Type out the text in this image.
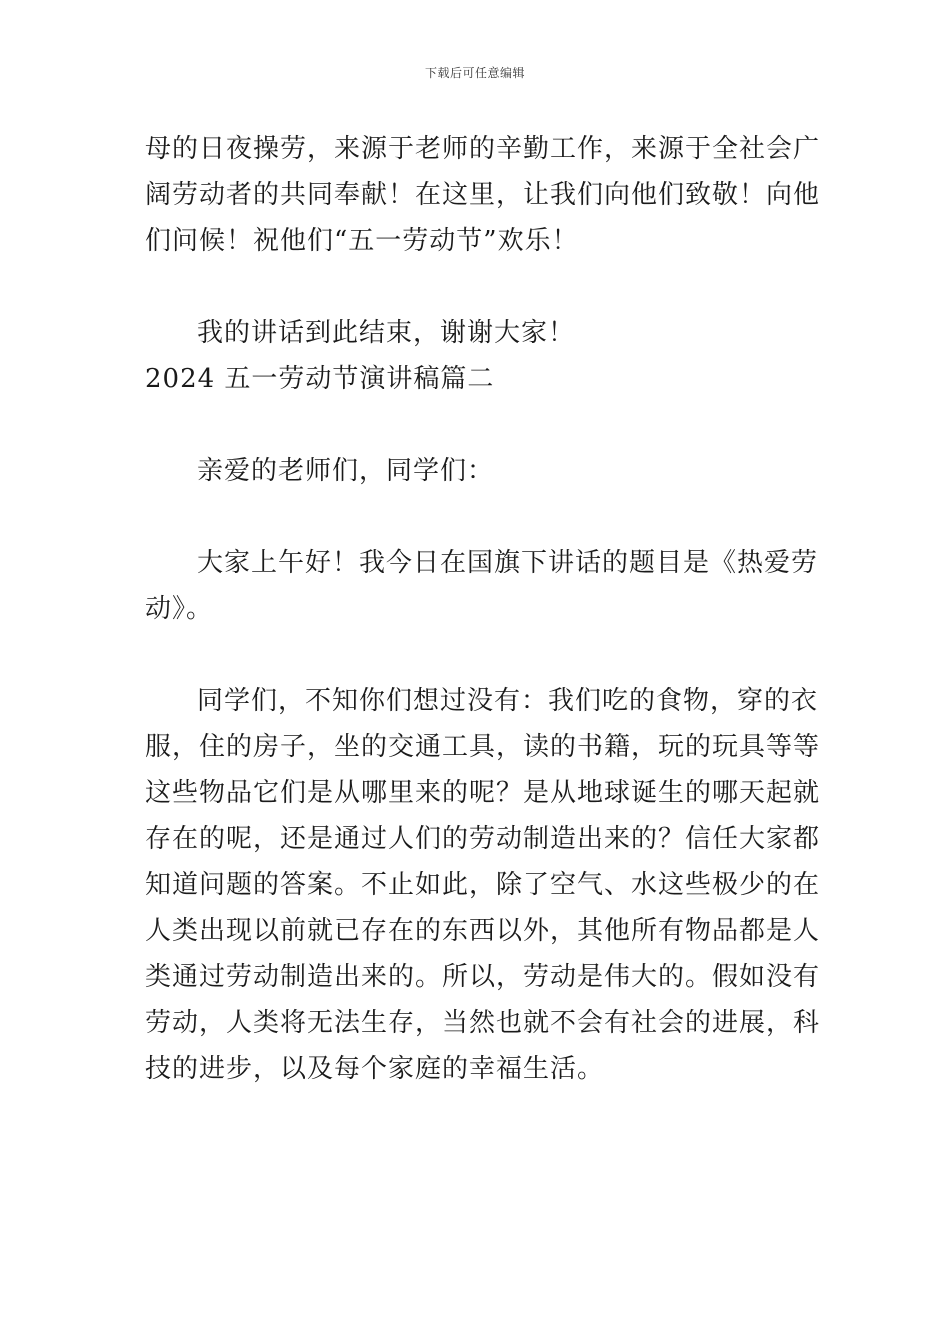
下载后可任意编辑
母的日夜操劳，来源于老师的辛勤工作，来源于全社会广
阔劳动者的共同奉献！在这里，让我们向他们致敬！向他
们问候！祝他们“五一劳动节”欢乐！
我的讲话到此结束，谢谢大家！
2024 五一劳动节演讲稿篇二
亲爱的老师们，同学们：
大家上午好！我今日在国旗下讲话的题目是《热爱劳
动》。
同学们，不知你们想过没有：我们吃的食物，穿的衣
服，住的房子，坐的交通工具，读的书籍，玩的玩具等等
这些物品它们是从哪里来的呢？是从地球诞生的哪天起就
存在的呢，还是通过人们的劳动制造出来的？信任大家都
知道问题的答案。不止如此，除了空气、水这些极少的在
人类出现以前就已存在的东西以外，其他所有物品都是人
类通过劳动制造出来的。所以，劳动是伟大的。假如没有
劳动，人类将无法生存，当然也就不会有社会的进展，科
技的进步，以及每个家庭的幸福生活。
